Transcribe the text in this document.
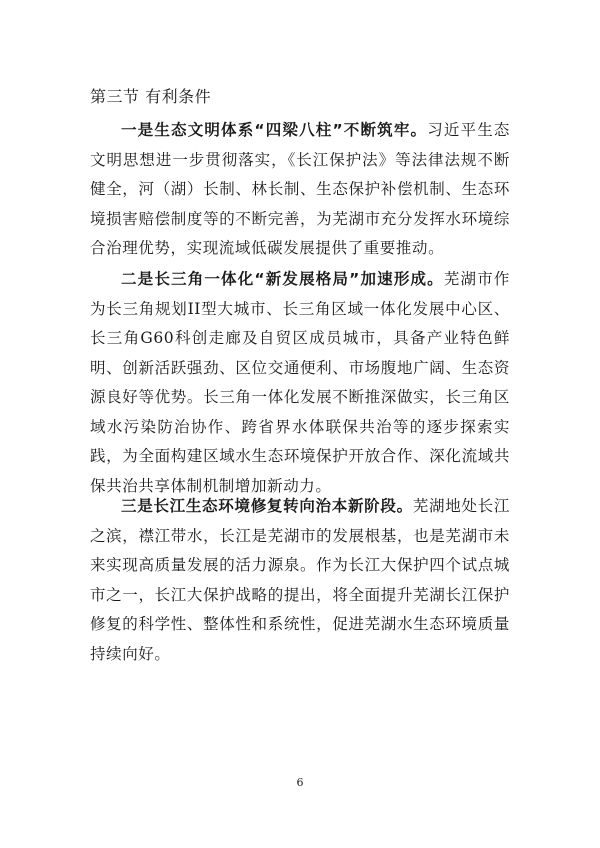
第三节 有利条件

一是生态文明体系“四梁八柱”不断筑牢。习近平生态文明思想进一步贯彻落实，《长江保护法》等法律法规不断健全，河（湖）长制、林长制、生态保护补偿机制、生态环境损害赔偿制度等的不断完善，为芜湖市充分发挥水环境综合治理优势，实现流域低碳发展提供了重要推动。

二是长三角一体化“新发展格局”加速形成。芜湖市作为长三角规划II型大城市、长三角区域一体化发展中心区、长三角G60科创走廊及自贸区成员城市，具备产业特色鲜明、创新活跃强劲、区位交通便利、市场腹地广阔、生态资源良好等优势。长三角一体化发展不断推深做实，长三角区域水污染防治协作、跨省界水体联保共治等的逐步探索实践，为全面构建区域水生态环境保护开放合作、深化流域共保共治共享体制机制增加新动力。

三是长江生态环境修复转向治本新阶段。芜湖地处长江之滨，襟江带水，长江是芜湖市的发展根基，也是芜湖市未来实现高质量发展的活力源泉。作为长江大保护四个试点城市之一，长江大保护战略的提出，将全面提升芜湖长江保护修复的科学性、整体性和系统性，促进芜湖水生态环境质量持续向好。

6
